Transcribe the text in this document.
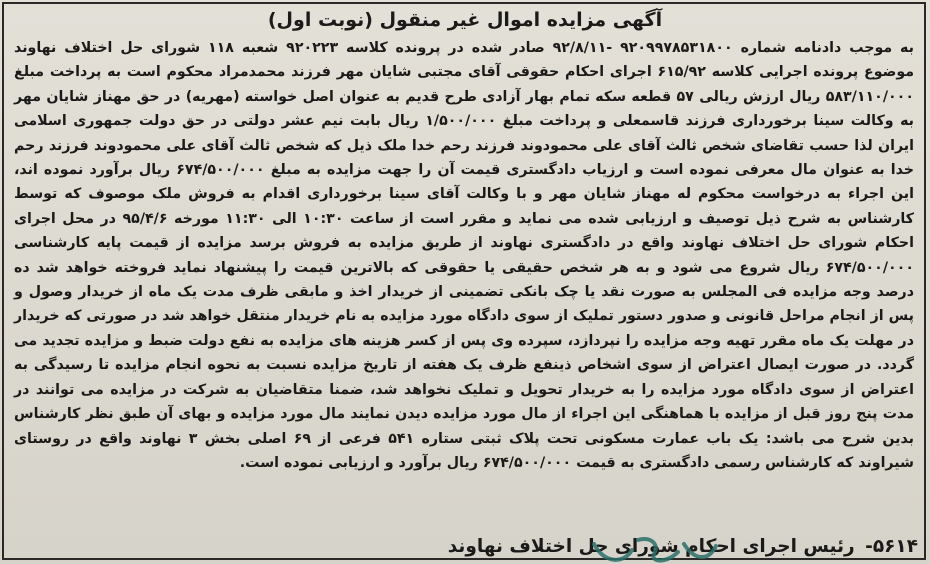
آگهی مزایده اموال غیر منقول (نوبت اول)
به موجب دادنامه شماره ۹۲۰۹۹۷۸۵۳۱۸۰۰ -۹۲/۸/۱۱ صادر شده در پرونده کلاسه ۹۲۰۲۲۳ شعبه ۱۱۸ شورای حل اختلاف نهاوند موضوع پرونده اجرایی کلاسه ۶۱۵/۹۲ اجرای احکام حقوقی آقای مجتبی شایان مهر فرزند محمدمراد محکوم است به پرداخت مبلغ ۵۸۳/۱۱۰/۰۰۰ ریال ارزش ریالی ۵۷ قطعه سکه تمام بهار آزادی طرح قدیم به عنوان اصل خواسته (مهریه) در حق مهناز شایان مهر به وکالت سینا برخورداری فرزند قاسمعلی و پرداخت مبلغ ۱/۵۰۰/۰۰۰ ریال بابت نیم عشر دولتی در حق دولت جمهوری اسلامی ایران لذا حسب تقاضای شخص ثالث آقای علی محمودوند فرزند رحم خدا ملک ذیل که شخص ثالث آقای علی محمودوند فرزند رحم خدا به عنوان مال معرفی نموده است و ارزیاب دادگستری قیمت آن را جهت مزایده به مبلغ ۶۷۴/۵۰۰/۰۰۰ ریال برآورد نموده اند، این اجراء به درخواست محکوم له مهناز شایان مهر و با وکالت آقای سینا برخورداری اقدام به فروش ملک موصوف که توسط کارشناس به شرح ذیل توصیف و ارزیابی شده می نماید و مقرر است از ساعت ۱۰:۳۰ الی ۱۱:۳۰ مورخه ۹۵/۴/۶ در محل اجرای احکام شورای حل اختلاف نهاوند واقع در دادگستری نهاوند از طریق مزایده به فروش برسد مزایده از قیمت پایه کارشناسی ۶۷۴/۵۰۰/۰۰۰ ریال شروع می شود و به هر شخص حقیقی یا حقوقی که بالاترین قیمت را پیشنهاد نماید فروخته خواهد شد ده درصد وجه مزایده فی المجلس به صورت نقد یا چک بانکی تضمینی از خریدار اخذ و مابقی ظرف مدت یک ماه از خریدار وصول و پس از انجام مراحل قانونی و صدور دستور تملیک از سوی دادگاه مورد مزایده به نام خریدار منتقل خواهد شد در صورتی که خریدار در مهلت یک ماه مقرر تهیه وجه مزایده را نپردازد، سپرده وی پس از کسر هزینه های مزایده به نفع دولت ضبط و مزایده تجدید می گردد. در صورت ایصال اعتراض از سوی اشخاص ذینفع ظرف یک هفته از تاریخ مزایده نسبت به نحوه انجام مزایده تا رسیدگی به اعتراض از سوی دادگاه مورد مزایده را به خریدار تحویل و تملیک نخواهد شد، ضمنا متقاضیان به شرکت در مزایده می توانند در مدت پنج روز قبل از مزایده با هماهنگی این اجراء از مال مورد مزایده دیدن نمایند مال مورد مزایده و بهای آن طبق نظر کارشناس بدین شرح می باشد: یک باب عمارت مسکونی تحت پلاک ثبتی ستاره ۵۴۱ فرعی از ۶۹ اصلی بخش ۳ نهاوند واقع در روستای شیراوند که کارشناس رسمی دادگستری به قیمت ۶۷۴/۵۰۰/۰۰۰ ریال برآورد و ارزیابی نموده است.
۵۶۱۴- رئیس اجرای احکام شورای حل اختلاف نهاوند
